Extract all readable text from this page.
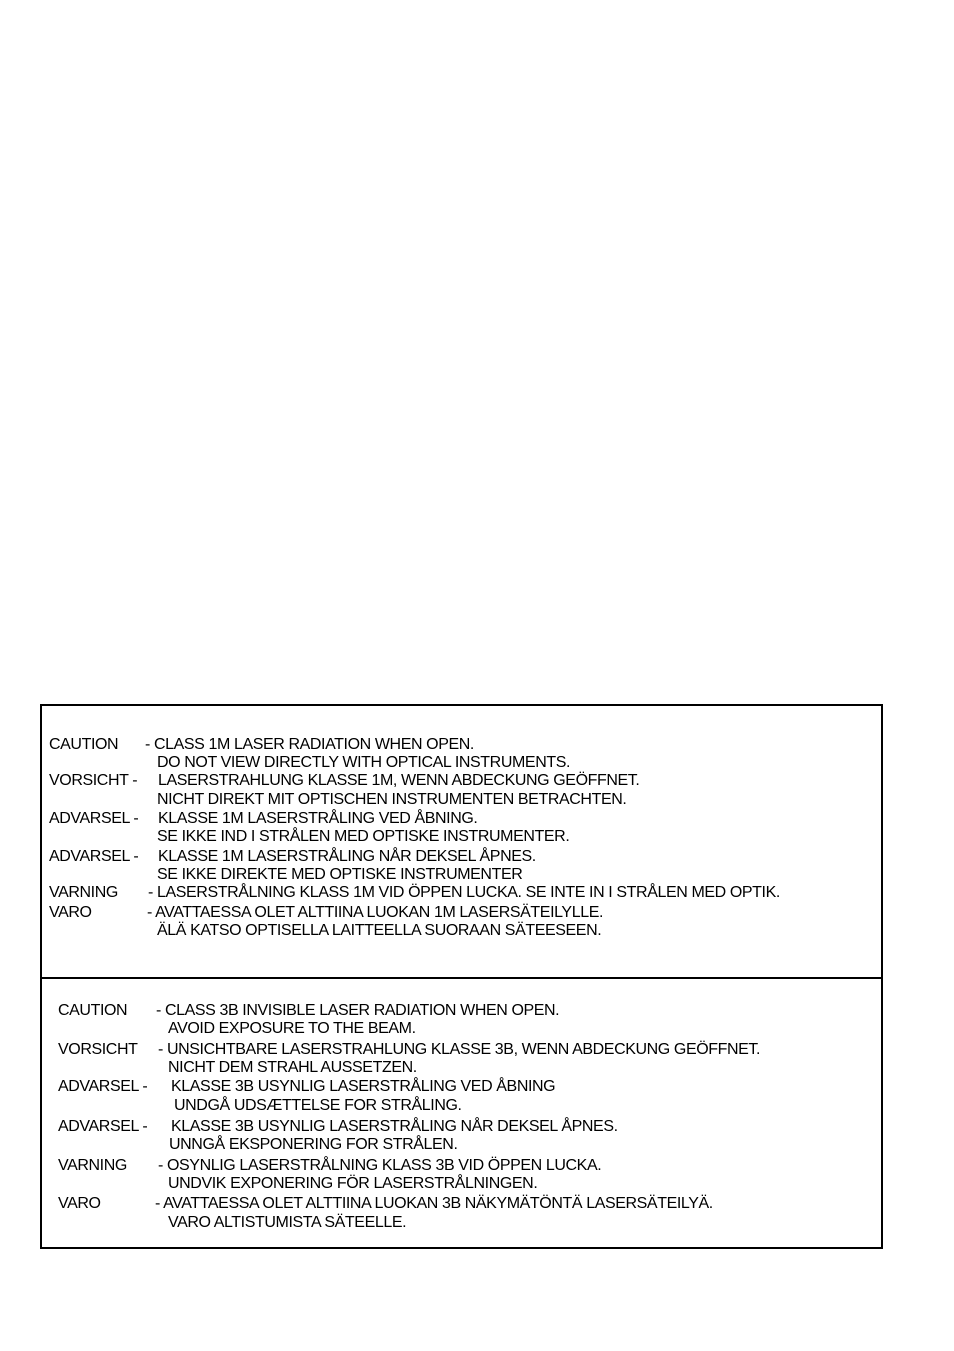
CAUTION - CLASS 1M LASER RADIATION WHEN OPEN.
DO NOT VIEW DIRECTLY WITH OPTICAL INSTRUMENTS.
VORSICHT - LASERSTRAHLUNG KLASSE 1M, WENN ABDECKUNG GEÖFFNET.
NICHT DIREKT MIT OPTISCHEN INSTRUMENTEN BETRACHTEN.
ADVARSEL - KLASSE 1M LASERSTRÅLING VED ÅBNING.
SE IKKE IND I STRÅLEN MED OPTISKE INSTRUMENTER.
ADVARSEL - KLASSE 1M LASERSTRÅLING NÅR DEKSEL ÅPNES.
SE IKKE DIREKTE MED OPTISKE INSTRUMENTER
VARNING - LASERSTRÅLNING KLASS 1M VID ÖPPEN LUCKA. SE INTE IN I STRÅLEN MED OPTIK.
VARO	- AVATTAESSA OLET ALTTIINA LUOKAN 1M LASERSÄTEILYLLE.
ÄLÄ KATSO OPTISELLA LAITTEELLA SUORAAN SÄTEESEEN.
CAUTION - CLASS 3B INVISIBLE LASER RADIATION WHEN OPEN.
AVOID EXPOSURE TO THE BEAM.
VORSICHT - UNSICHTBARE LASERSTRAHLUNG KLASSE 3B, WENN ABDECKUNG GEÖFFNET.
NICHT DEM STRAHL AUSSETZEN.
ADVARSEL - KLASSE 3B USYNLIG LASERSTRÅLING VED ÅBNING
UNDGÅ UDSÆTTELSE FOR STRÅLING.
ADVARSEL - KLASSE 3B USYNLIG LASERSTRÅLING NÅR DEKSEL ÅPNES.
UNNGÅ EKSPONERING FOR STRÅLEN.
VARNING - OSYNLIG LASERSTRÅLNING KLASS 3B VID ÖPPEN LUCKA.
UNDVIK EXPONERING FÖR LASERSTRÅLNINGEN.
VARO	- AVATTAESSA OLET ALTTIINA LUOKAN 3B NÄKYMÄTÖNTÄ LASERSÄTEILYÄ.
VARO ALTISTUMISTA SÄTEELLE.
